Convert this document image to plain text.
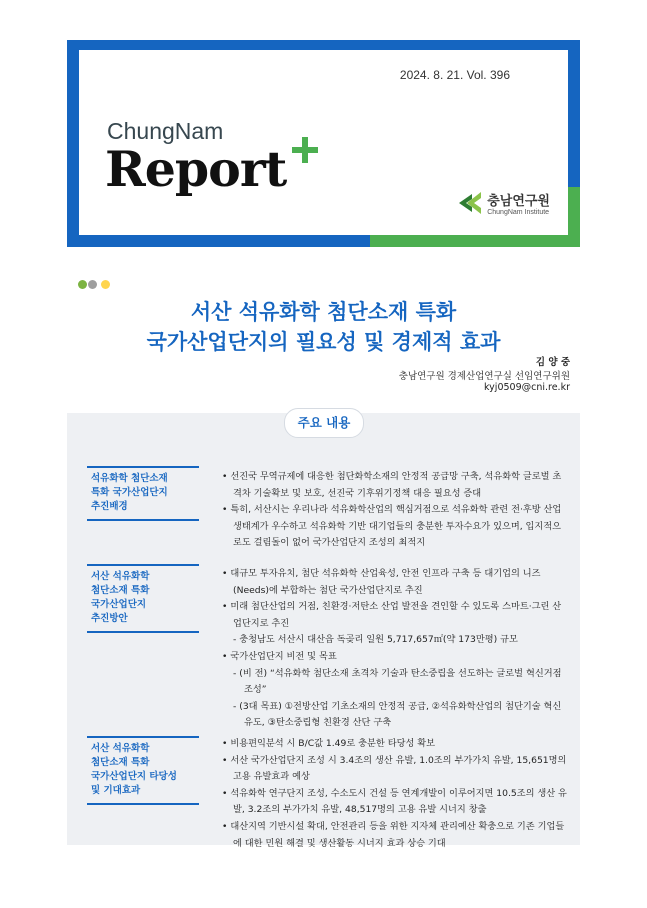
2024. 8. 21. Vol. 396
ChungNam
Report
충남연구원
ChungNam Institute
서산 석유화학 첨단소재 특화
국가산업단지의 필요성 및 경제적 효과
김 양 중
충남연구원 경제산업연구실 선임연구위원
kyj0509@cni.re.kr
주요 내용
석유화학 첨단소재
특화 국가산업단지
추진배경
• 선진국 무역규제에 대응한 첨단화학소재의 안정적 공급망 구축, 석유화학 글로벌 초격차 기술확보 및 보호, 선진국 기후위기정책 대응 필요성 증대
• 특히, 서산시는 우리나라 석유화학산업의 핵심거점으로 석유화학 관련 전·후방 산업 생태계가 우수하고 석유화학 기반 대기업들의 충분한 투자수요가 있으며, 입지적으로도 걸림돌이 없어 국가산업단지 조성의 최적지
서산 석유화학
첨단소재 특화
국가산업단지
추진방안
• 대규모 투자유치, 첨단 석유화학 산업육성, 안전 인프라 구축 등 대기업의 니즈(Needs)에 부합하는 첨단 국가산업단지로 추진
• 미래 첨단산업의 거점, 친환경·저탄소 산업 발전을 견인할 수 있도록 스마트·그린 산업단지로 추진
- 충청남도 서산시 대산읍 독곶리 일원 5,717,657㎡(약 173만평) 규모
• 국가산업단지 비전 및 목표
- (비 전) “석유화학 첨단소재 초격차 기술과 탄소중립을 선도하는 글로벌 혁신거점 조성”
- (3대 목표) ①전방산업 기초소재의 안정적 공급, ②석유화학산업의 첨단기술 혁신 유도, ③탄소중립형 친환경 산단 구축
서산 석유화학
첨단소재 특화
국가산업단지 타당성
및 기대효과
• 비용편익분석 시 B/C값 1.49로 충분한 타당성 확보
• 서산 국가산업단지 조성 시 3.4조의 생산 유발, 1.0조의 부가가치 유발, 15,651명의 고용 유발효과 예상
• 석유화학 연구단지 조성, 수소도시 건설 등 연계개발이 이루어지면 10.5조의 생산 유발, 3.2조의 부가가치 유발, 48,517명의 고용 유발 시너지 창출
• 대산지역 기반시설 확대, 안전관리 등을 위한 지자체 관리예산 확충으로 기존 기업들에 대한 민원 해결 및 생산활동 시너지 효과 상승 기대
